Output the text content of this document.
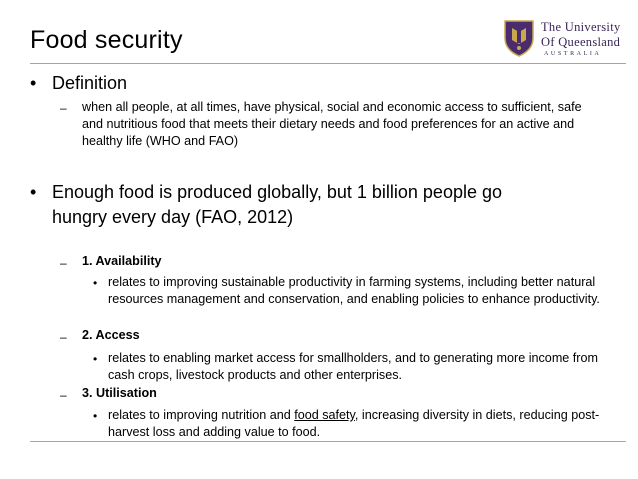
Food security	The University
Of Queensland
AUSTRALIA
• Definition
– when all people, at all times, have physical, social and economic access to sufficient, safe and nutritious food that meets their dietary needs and food preferences for an active and healthy life (WHO and FAO)
• Enough food is produced globally, but 1 billion people go
hungry every day (FAO, 2012)
– 1. Availability
• relates to improving sustainable productivity in farming systems, including better natural resources management and conservation, and enabling policies to enhance productivity.
– 2. Access
• relates to enabling market access for smallholders, and to generating more income from cash crops, livestock products and other enterprises.
– 3. Utilisation
• relates to improving nutrition and food safety, increasing diversity in diets, reducing post-harvest loss and adding value to food.
